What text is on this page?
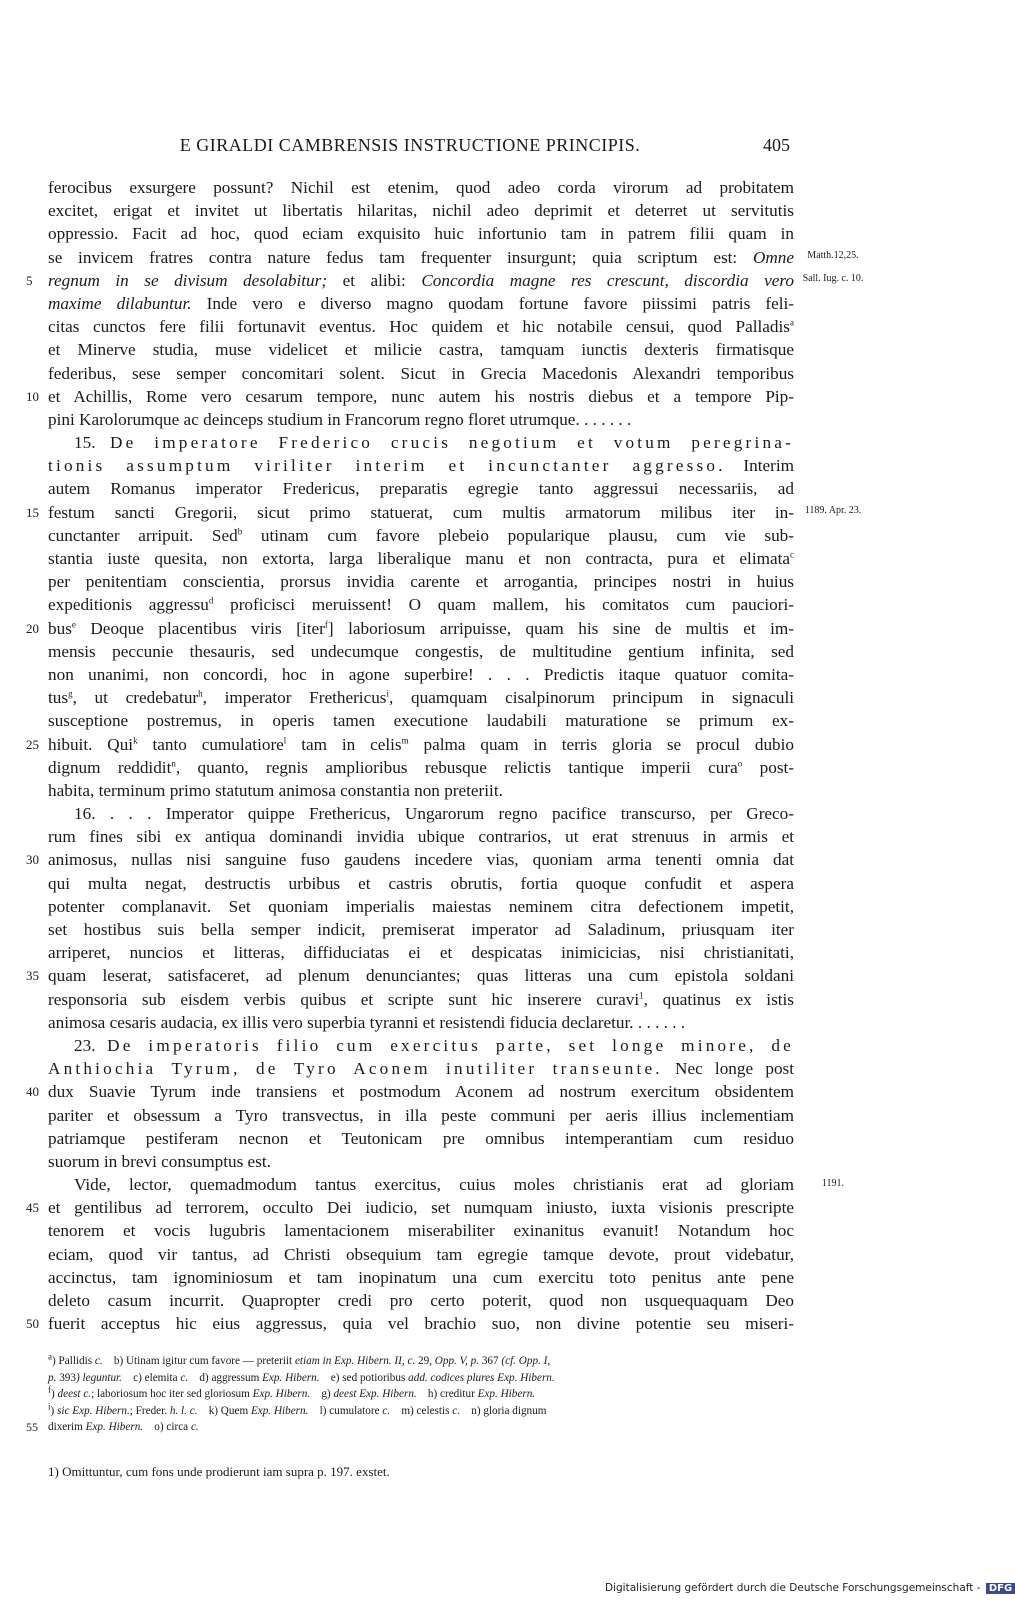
E GIRALDI CAMBRENSIS INSTRUCTIONE PRINCIPIS.	405
ferocibus exsurgere possunt? Nichil est etenim, quod adeo corda virorum ad probitatem
excitet, erigat et invitet ut libertatis hilaritas, nichil adeo deprimit et deterret ut servitutis
oppressio. Facit ad hoc, quod eciam exquisito huic infortunio tam in patrem filii quam in
se invicem fratres contra nature fedus tam frequenter insurgunt; quia scriptum est: Omne
5 regnum in se divisum desolabitur; et alibi: Concordia magne res crescunt, discordia vero
maxime dilabuntur. Inde vero e diverso magno quodam fortune favore piissimi patris feli-
citas cunctos fere filii fortunavit eventus. Hoc quidem et hic notabile censui, quod Palladis$^a$
et Minerve studia, muse videlicet et milicie castra, tamquam iunctis dexteris firmatisque
federibus, sese semper concomitari solent. Sicut in Grecia Macedonis Alexandri temporibus
10 et Achillis, Rome vero cesarum tempore, nunc autem his nostris diebus et a tempore Pip-
pini Karolorumque ac deinceps studium in Francorum regno floret utrumque. . . . . . .
15. De imperatore Frederico crucis negotium et votum peregrina-
tionis assumptum viriliter interim et incunctanter aggresso. Interim
autem Romanus imperator Fredericus, preparatis egregie tanto aggressui necessariis, ad
15 festum sancti Gregorii, sicut primo statuerat, cum multis armatorum milibus iter in-
cunctanter arripuit. Sed$^b$ utinam cum favore plebeio popularique plausu, cum vie sub-
stantia iuste quesita, non extorta, larga liberalique manu et non contracta, pura et elimata$^c$
per penitentiam conscientia, prorsus invidia carente et arrogantia, principes nostri in huius
expeditionis aggressu$^d$ proficisci meruissent! O quam mallem, his comitatos cum pauciori-
20 bus$^e$ Deoque placentibus viris [iter$^f$] laboriosum arripuisse, quam his sine de multis et im-
mensis peccunie thesauris, sed undecumque congestis, de multitudine gentium infinita, sed
non unanimi, non concordi, hoc in agone superbire! . . . Predictis itaque quatuor comita-
tus$^g$, ut credebatur$^h$, imperator Frethericus$^i$, quamquam cisalpinorum principum in signaculi
susceptione postremus, in operis tamen executione laudabili maturatione se primum ex-
25 hibuit. Qui$^k$ tanto cumulatiore$^l$ tam in celis$^m$ palma quam in terris gloria se procul dubio
dignum reddidit$^n$, quanto, regnis amplioribus rebusque relictis tantique imperii cura$^o$ post-
habita, terminum primo statutum animosa constantia non preteriit.
16. . . . Imperator quippe Frethericus, Ungarorum regno pacifice transcurso, per Greco-
rum fines sibi ex antiqua dominandi invidia ubique contrarios, ut erat strenuus in armis et
30 animosus, nullas nisi sanguine fuso gaudens incedere vias, quoniam arma tenenti omnia dat
qui multa negat, destructis urbibus et castris obrutis, fortia quoque confudit et aspera
potenter complanavit. Set quoniam imperialis maiestas neminem citra defectionem impetit,
set hostibus suis bella semper indicit, premiserat imperator ad Saladinum, priusquam iter
arriperet, nuncios et litteras, diffiduciatas ei et despicatas inimicicias, nisi christianitati,
35 quam leserat, satisfaceret, ad plenum denunciantes; quas litteras una cum epistola soldani
responsoria sub eisdem verbis quibus et scripte sunt hic inserere curavi$^1$, quatinus ex istis
animosa cesaris audacia, ex illis vero superbia tyranni et resistendi fiducia declaretur. . . . . . .
23. De imperatoris filio cum exercitus parte, set longe minore, de
Anthiochia Tyrum, de Tyro Aconem inutiliter transeunte. Nec longe post
40 dux Suavie Tyrum inde transiens et postmodum Aconem ad nostrum exercitum obsidentem
pariter et obsessum a Tyro transvectus, in illa peste communi per aeris illius inclementiam
patriamque pestiferam necnon et Teutonicam pre omnibus intemperantiam cum residuo
suorum in brevi consumptus est.
Vide, lector, quemadmodum tantus exercitus, cuius moles christianis erat ad gloriam
45 et gentilibus ad terrorem, occulto Dei iudicio, set numquam iniusto, iuxta visionis prescripte
tenorem et vocis lugubris lamentacionem miserabiliter exinanitus evanuit! Notandum hoc
eciam, quod vir tantus, ad Christi obsequium tam egregie tamque devote, prout videbatur,
accinctus, tam ignominiosum et tam inopinatum una cum exercitu toto penitus ante pene
deleto casum incurrit. Quapropter credi pro certo poterit, quod non usquequaquam Deo
50 fuerit acceptus hic eius aggressus, quia vel brachio suo, non divine potentie seu miseri-
Matth.12,25.
Sall. Iug. c. 10.
1189. Apr. 23.
1191.
$^a$) Pallidis c.    b) Utinam igitur cum favore — preteriit etiam in Exp. Hibern. II, c. 29, Opp. V, p. 367 (cf. Opp. I,
p. 393) leguntur.    c) elemita c.    d) aggressum Exp. Hibern.    e) sed potioribus add. codices plures Exp. Hibern.
$^f$) deest c.; laboriosum hoc iter sed gloriosum Exp. Hibern.    g) deest Exp. Hibern.    h) creditur Exp. Hibern.
$^i$) sic Exp. Hibern.; Freder. h. l. c.    k) Quem Exp. Hibern.    l) cumulatore c.    m) celestis c.    n) gloria dignum
55 dixerim Exp. Hibern.    o) circa c.
1) Omittuntur, cum fons unde prodierunt iam supra p. 197. exstet.
Digitalisierung gefördert durch die Deutsche Forschungsgemeinschaft - DFG
